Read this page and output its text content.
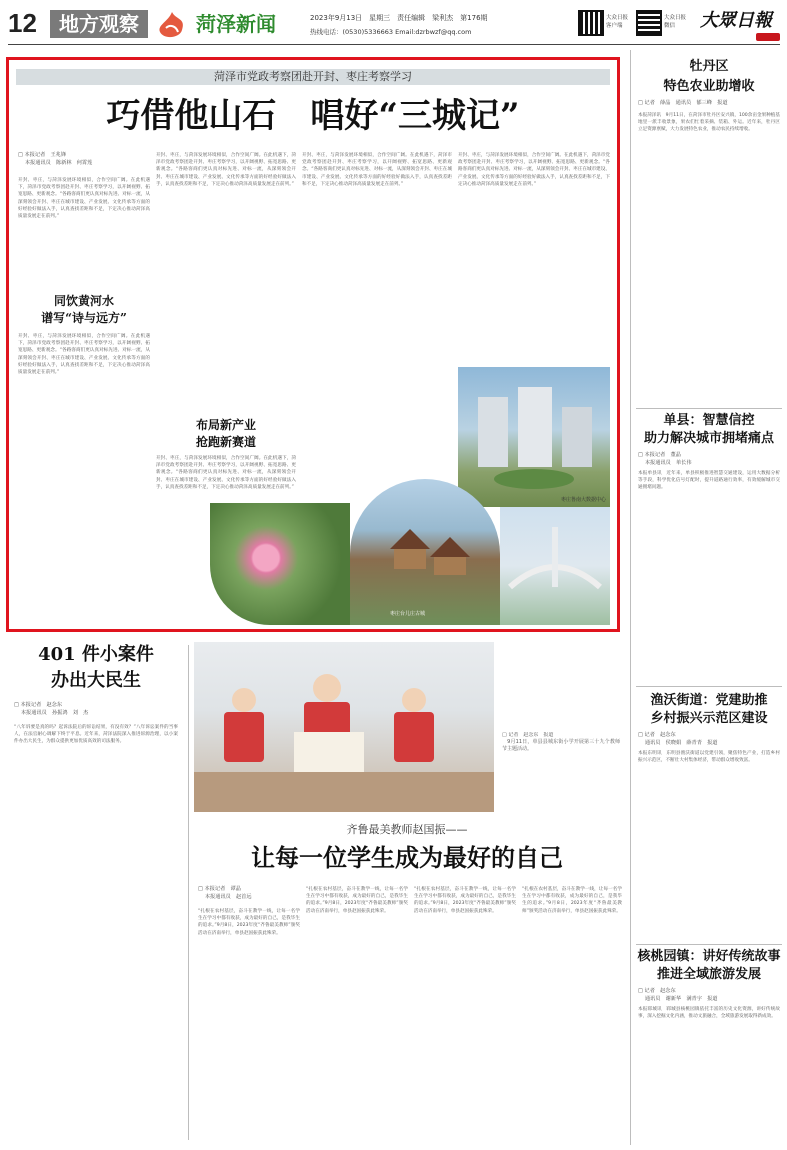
12	地方观察	菏泽新闻	2023年9月13日　星期三　责任编辑　梁利杰　第176期
热线电话：(0530)5336663 Email:dzrbwzf@qq.com
大众日报客户端
大众日报微信	大眾日報
菏泽市党政考察团赴开封、枣庄考察学习
巧借他山石　唱好“三城记”
□ 本报记者　王兆锋
　 本报通讯员　陈新林　何霄莲
开封、枣庄，与菏泽发展环境相似，合作空间广阔。在此机遇下，菏泽市党政考察团赴开封、枣庄考察学习，以开阔视野、拓宽思路、更新观念。“各路客商们更认真对标先进、对标一流，从深刻领会开封、枣庄在城市建设、产业发展、文化传承等方面的好经验好做法入手，认真查找差距和不足，下定决心推动菏泽高质量发展走在前列。”
同饮黄河水
谱写“诗与远方”
开封、枣庄，与菏泽发展环境相似，合作空间广阔。在此机遇下，菏泽市党政考察团赴开封、枣庄考察学习，以开阔视野、拓宽思路、更新观念。“各路客商们更认真对标先进、对标一流，从深刻领会开封、枣庄在城市建设、产业发展、文化传承等方面的好经验好做法入手，认真查找差距和不足，下定决心推动菏泽高质量发展走在前列。”
开封、枣庄，与菏泽发展环境相似，合作空间广阔。在此机遇下，菏泽市党政考察团赴开封、枣庄考察学习，以开阔视野、拓宽思路、更新观念。“各路客商们更认真对标先进、对标一流，从深刻领会开封、枣庄在城市建设、产业发展、文化传承等方面的好经验好做法入手，认真查找差距和不足，下定决心推动菏泽高质量发展走在前列。”
布局新产业
抢跑新赛道
开封、枣庄，与菏泽发展环境相似，合作空间广阔。在此机遇下，菏泽市党政考察团赴开封、枣庄考察学习，以开阔视野、拓宽思路、更新观念。“各路客商们更认真对标先进、对标一流，从深刻领会开封、枣庄在城市建设、产业发展、文化传承等方面的好经验好做法入手，认真查找差距和不足，下定决心推动菏泽高质量发展走在前列。”
开封、枣庄，与菏泽发展环境相似，合作空间广阔。在此机遇下，菏泽市党政考察团赴开封、枣庄考察学习，以开阔视野、拓宽思路、更新观念。“各路客商们更认真对标先进、对标一流，从深刻领会开封、枣庄在城市建设、产业发展、文化传承等方面的好经验好做法入手，认真查找差距和不足，下定决心推动菏泽高质量发展走在前列。”
开封、枣庄，与菏泽发展环境相似，合作空间广阔。在此机遇下，菏泽市党政考察团赴开封、枣庄考察学习，以开阔视野、拓宽思路、更新观念。“各路客商们更认真对标先进、对标一流，从深刻领会开封、枣庄在城市建设、产业发展、文化传承等方面的好经验好做法入手，认真查找差距和不足，下定决心推动菏泽高质量发展走在前列。”
枣庄鲁南大数据中心
菏泽牡丹
枣庄台儿庄古城
401 件小案件
办出大民生
□ 本报记者　赵念东
　 本报通讯员　孙振鸿　刘　杰
“八年诉要是真的吗？起诉法院后的诉讼结果，有没有效？”八年诉讼案件的当事人，在法官耐心调解下终于平息。近年来，菏泽法院深入推进诉源治理，以小案件办出大民生，为群众提供更加优质高效的司法服务。
□ 记者　赵念东　报道
　9月11日，单县县城东街小学开展第三十九个教师节主题活动。
齐鲁最美教师赵国振——
让每一位学生成为最好的自己
□ 本报记者　谭晶
　 本报通讯员　赵首远
“扎根在农村基层，奋斗在教学一线，让每一名学生在学习中都有收获，成为最好的自己，是我毕生的追求。”9月8日，2023年度“齐鲁最美教师”颁奖活动在济南举行，单县赵国振获此殊荣。
“扎根在农村基层，奋斗在教学一线，让每一名学生在学习中都有收获，成为最好的自己，是我毕生的追求。”9月8日，2023年度“齐鲁最美教师”颁奖活动在济南举行，单县赵国振获此殊荣。
“扎根在农村基层，奋斗在教学一线，让每一名学生在学习中都有收获，成为最好的自己，是我毕生的追求。”9月8日，2023年度“齐鲁最美教师”颁奖活动在济南举行，单县赵国振获此殊荣。
“扎根在农村基层，奋斗在教学一线，让每一名学生在学习中都有收获，成为最好的自己，是我毕生的追求。”9月8日，2023年度“齐鲁最美教师”颁奖活动在济南举行，单县赵国振获此殊荣。
牡丹区
特色农业助增收
□ 记者　薛晶　通讯员　郁三峰　报道
本报菏泽讯　9月11日，在菏泽市牡丹区安兴镇，100余亩金果种植基地里一派丰收景象，果农们忙着采摘、装箱、外运。近年来，牡丹区立足资源禀赋，大力发展特色农业，推动农民持续增收。
单县：智慧信控
助力解决城市拥堵痛点
□ 本报记者　董晶
　 本报通讯员　单长伟
本报单县讯　近年来，单县积极推进智慧交通建设，运用大数据分析等手段，科学优化信号灯配时，提升道路通行效率，有效缓解城市交通拥堵问题。
渔沃街道：党建助推
乡村振兴示范区建设
□ 记者　赵念东
　 通讯员　侯晓娟　薛青青　报道
本报东明讯　东明县渔沃街道以党建引领，聚焦特色产业，打造乡村振兴示范区，不断壮大村集体经济，带动群众增收致富。
核桃园镇：讲好传统故事
推进全域旅游发展
□ 记者　赵念东
　 通讯员　谢新华　满青宇　报道
本报郓城讯　郓城县核桃园镇依托丰富的历史文化资源，讲好传统故事，深入挖掘文化内涵，推动文旅融合，全域旅游发展取得新成效。
